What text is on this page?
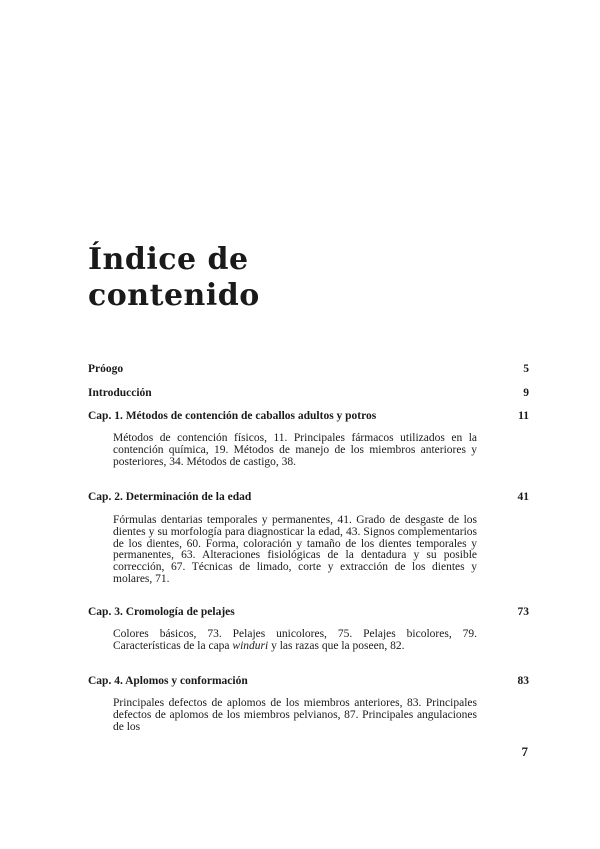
Índice de
contenido
Próogo	5
Introducción	9
Cap. 1. Métodos de contención de caballos adultos y potros	11

Métodos de contención físicos, 11. Principales fármacos utilizados en la contención química, 19. Métodos de manejo de los miembros anteriores y posteriores, 34. Métodos de castigo, 38.

Cap. 2. Determinación de la edad	41

Fórmulas dentarias temporales y permanentes, 41. Grado de desgaste de los dientes y su morfología para diagnosticar la edad, 43. Signos complementarios de los dientes, 60. Forma, coloración y tamaño de los dientes temporales y permanentes, 63. Alteraciones fisiológicas de la dentadura y su posible corrección, 67. Técnicas de limado, corte y extracción de los dientes y molares, 71.

Cap. 3. Cromología de pelajes	73

Colores básicos, 73. Pelajes unicolores, 75. Pelajes bicolores, 79. Características de la capa winduri y las razas que la poseen, 82.

Cap. 4. Aplomos y conformación	83

Principales defectos de aplomos de los miembros anteriores, 83. Principales defectos de aplomos de los miembros pelvianos, 87. Principales angulaciones de los

7
